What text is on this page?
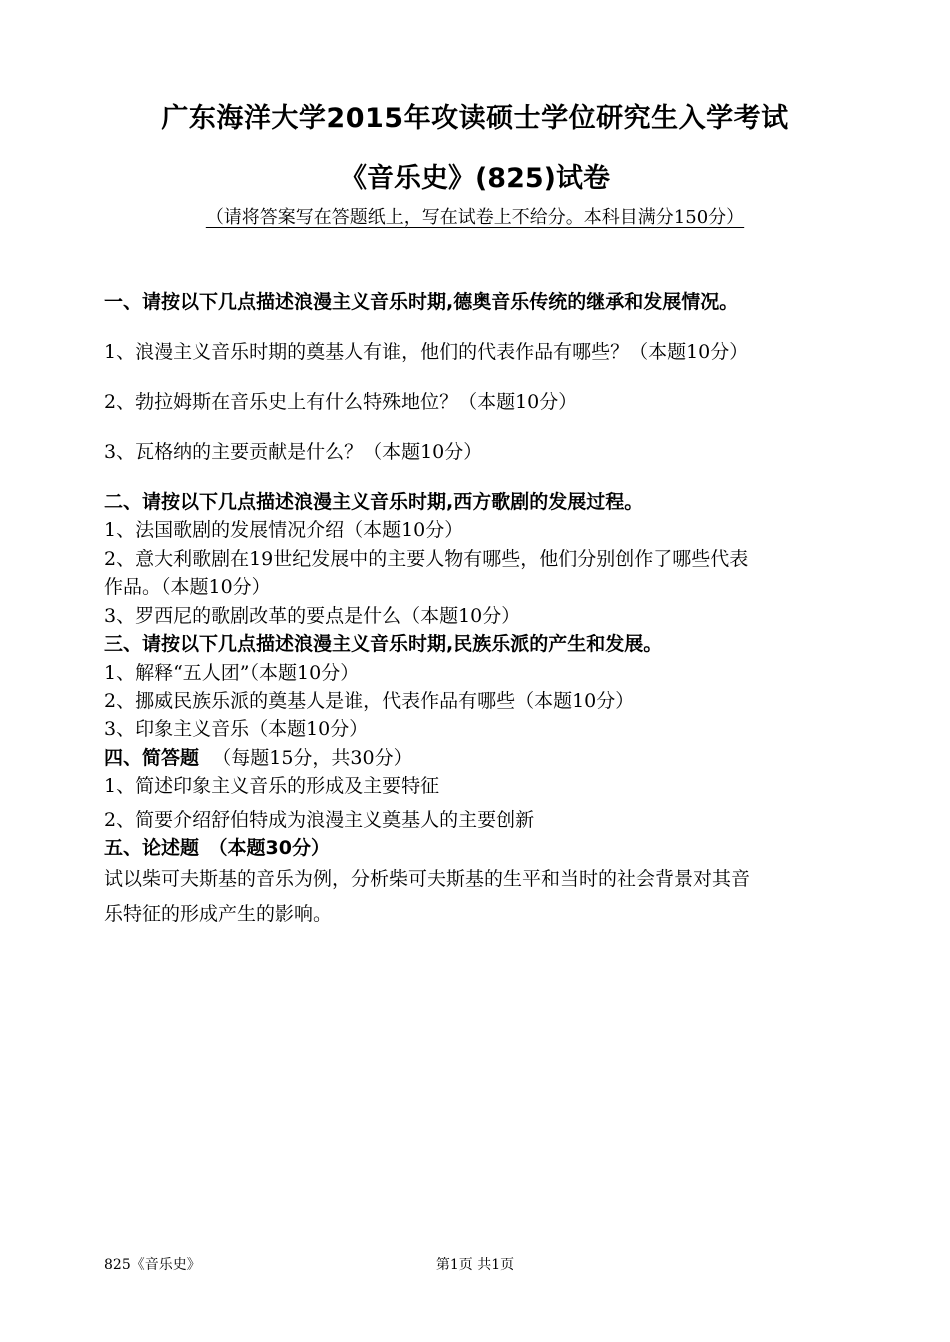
广东海洋大学2015年攻读硕士学位研究生入学考试
《音乐史》(825)试卷
（请将答案写在答题纸上，写在试卷上不给分。本科目满分150分）
一、请按以下几点描述浪漫主义音乐时期,德奥音乐传统的继承和发展情况。
1、浪漫主义音乐时期的奠基人有谁，他们的代表作品有哪些？（本题10分）
2、勃拉姆斯在音乐史上有什么特殊地位？（本题10分）
3、瓦格纳的主要贡献是什么？（本题10分）
二、请按以下几点描述浪漫主义音乐时期,西方歌剧的发展过程。
1、法国歌剧的发展情况介绍（本题10分）
2、意大利歌剧在19世纪发展中的主要人物有哪些，他们分别创作了哪些代表
作品。（本题10分）
3、罗西尼的歌剧改革的要点是什么（本题10分）
三、请按以下几点描述浪漫主义音乐时期,民族乐派的产生和发展。
1、解释“五人团”（本题10分）
2、挪威民族乐派的奠基人是谁，代表作品有哪些（本题10分）
3、印象主义音乐（本题10分）
四、简答题 （每题15分，共30分）
1、简述印象主义音乐的形成及主要特征
2、简要介绍舒伯特成为浪漫主义奠基人的主要创新
五、论述题　（本题30分）
试以柴可夫斯基的音乐为例，分析柴可夫斯基的生平和当时的社会背景对其音
乐特征的形成产生的影响。
825《音乐史》	第1页 共1页
